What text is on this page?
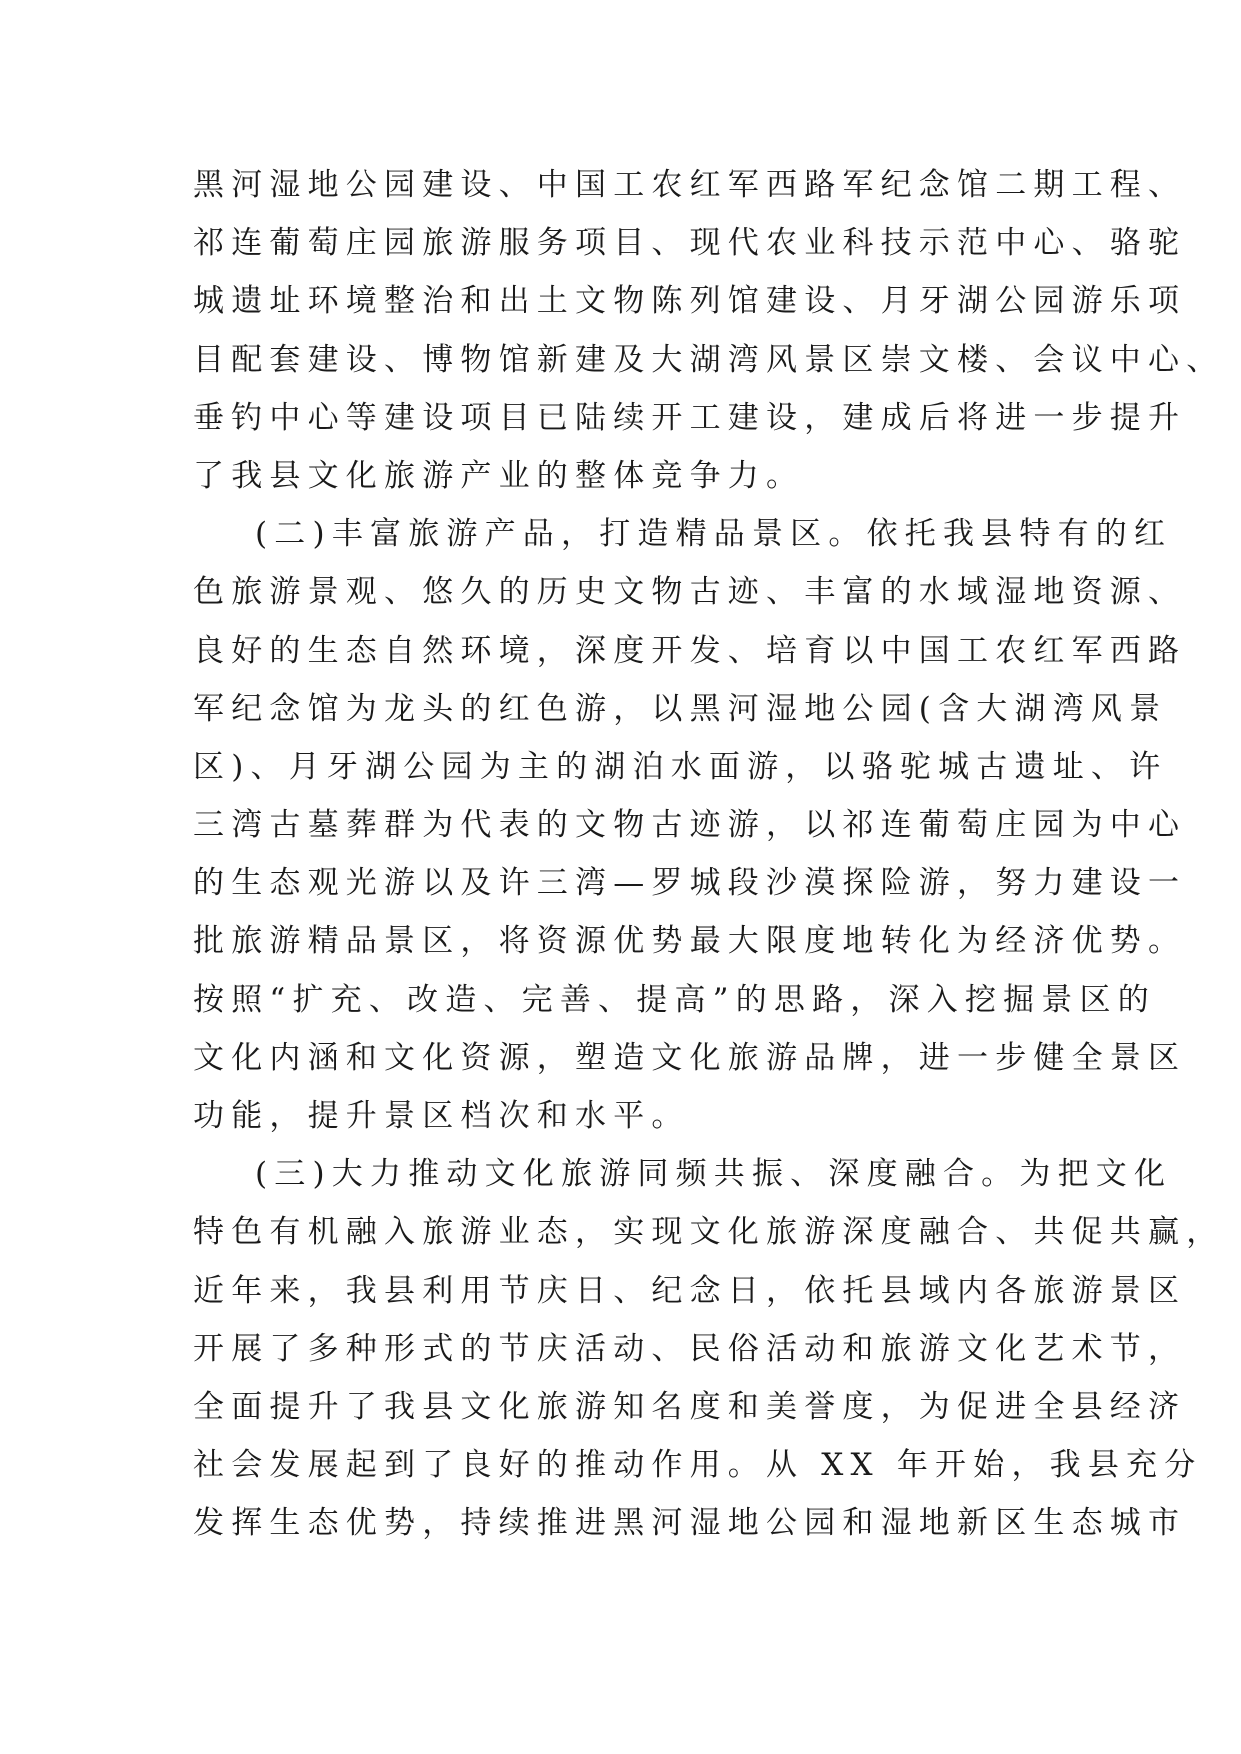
黑河湿地公园建设、中国工农红军西路军纪念馆二期工程、
祁连葡萄庄园旅游服务项目、现代农业科技示范中心、骆驼
城遗址环境整治和出土文物陈列馆建设、月牙湖公园游乐项
目配套建设、博物馆新建及大湖湾风景区崇文楼、会议中心、
垂钓中心等建设项目已陆续开工建设，建成后将进一步提升
了我县文化旅游产业的整体竞争力。
(二)丰富旅游产品，打造精品景区。依托我县特有的红
色旅游景观、悠久的历史文物古迹、丰富的水域湿地资源、
良好的生态自然环境，深度开发、培育以中国工农红军西路
军纪念馆为龙头的红色游，以黑河湿地公园(含大湖湾风景
区)、月牙湖公园为主的湖泊水面游，以骆驼城古遗址、许
三湾古墓葬群为代表的文物古迹游，以祁连葡萄庄园为中心
的生态观光游以及许三湾—罗城段沙漠探险游，努力建设一
批旅游精品景区，将资源优势最大限度地转化为经济优势。
按照“扩充、改造、完善、提高”的思路，深入挖掘景区的
文化内涵和文化资源，塑造文化旅游品牌，进一步健全景区
功能，提升景区档次和水平。
(三)大力推动文化旅游同频共振、深度融合。为把文化
特色有机融入旅游业态，实现文化旅游深度融合、共促共赢，
近年来，我县利用节庆日、纪念日，依托县域内各旅游景区
开展了多种形式的节庆活动、民俗活动和旅游文化艺术节，
全面提升了我县文化旅游知名度和美誉度，为促进全县经济
社会发展起到了良好的推动作用。从 XX 年开始，我县充分
发挥生态优势，持续推进黑河湿地公园和湿地新区生态城市
